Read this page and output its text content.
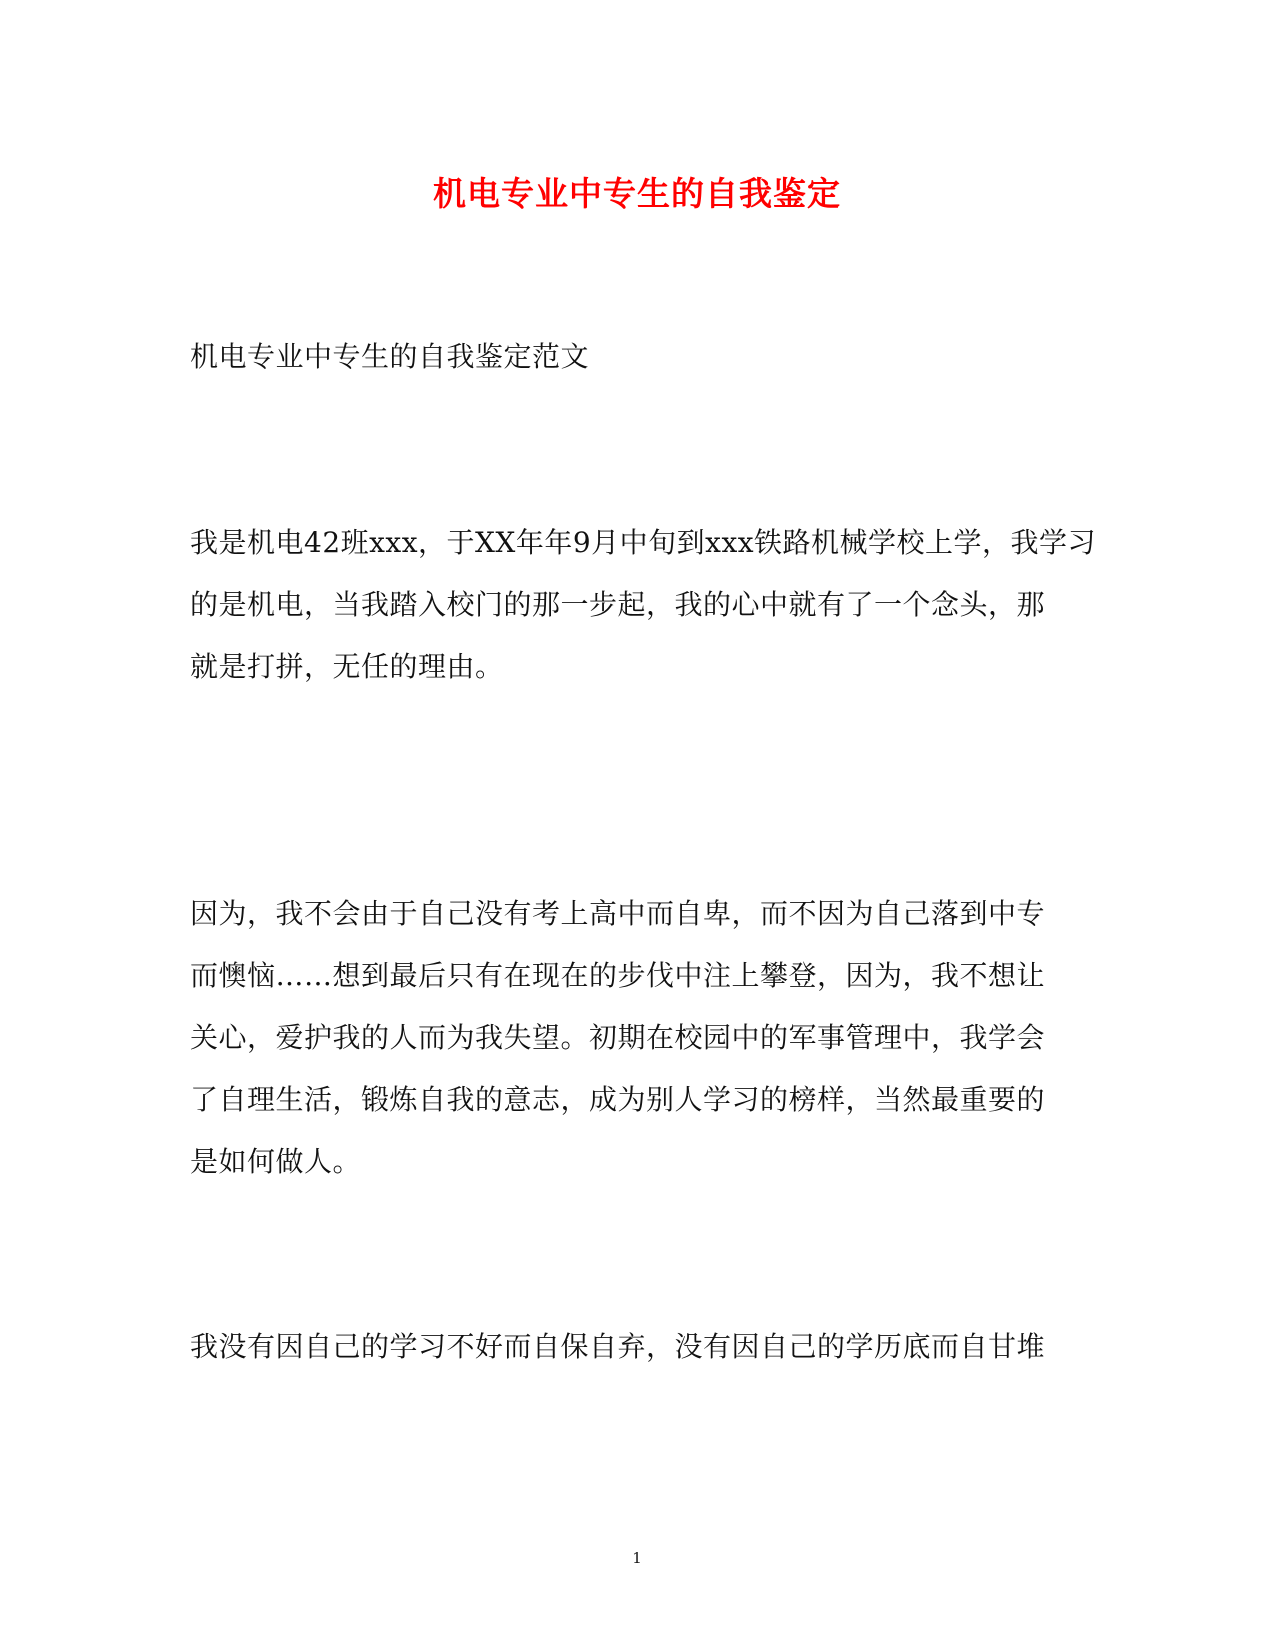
机电专业中专生的自我鉴定
机电专业中专生的自我鉴定范文
我是机电42班xxx，于XX年年9月中旬到xxx铁路机械学校上学，我学习
的是机电，当我踏入校门的那一步起，我的心中就有了一个念头，那
就是打拼，无任的理由。
因为，我不会由于自己没有考上高中而自卑，而不因为自己落到中专
而懊恼……想到最后只有在现在的步伐中注上攀登，因为，我不想让
关心，爱护我的人而为我失望。初期在校园中的军事管理中，我学会
了自理生活，锻炼自我的意志，成为别人学习的榜样，当然最重要的
是如何做人。
我没有因自己的学习不好而自保自弃，没有因自己的学历底而自甘堆
1
